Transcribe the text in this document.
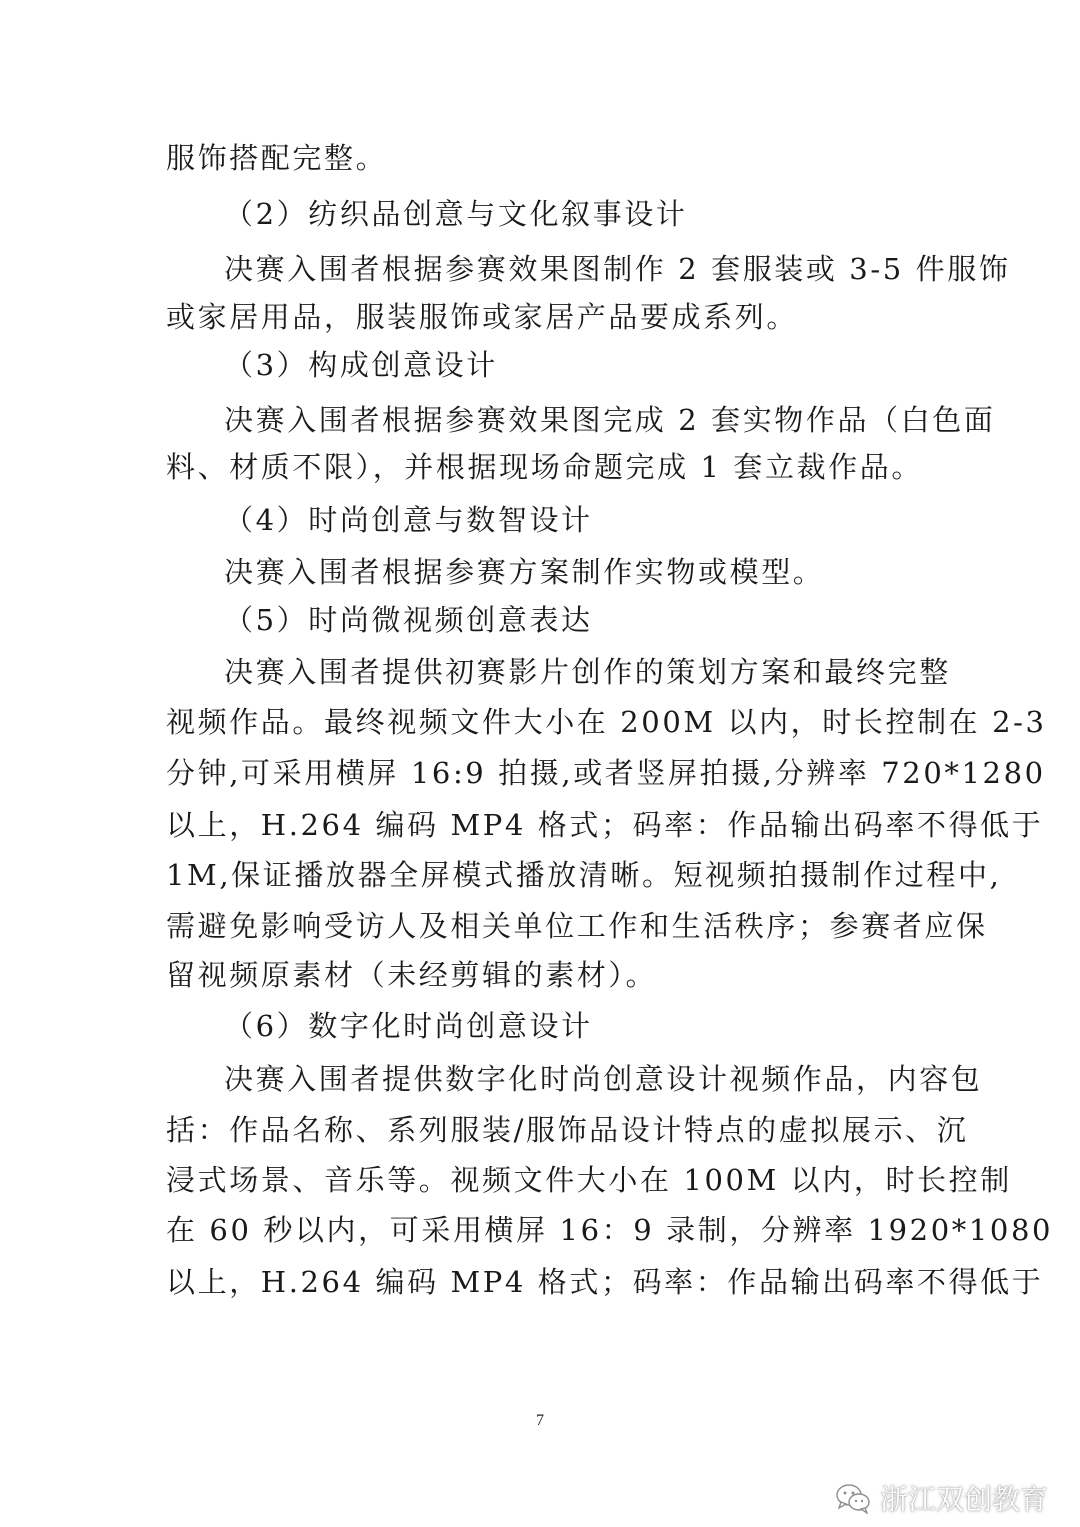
服饰搭配完整。
（2）纺织品创意与文化叙事设计
决赛入围者根据参赛效果图制作 2 套服装或 3-5 件服饰
或家居用品，服装服饰或家居产品要成系列。
（3）构成创意设计
决赛入围者根据参赛效果图完成 2 套实物作品（白色面
料、材质不限），并根据现场命题完成 1 套立裁作品。
（4）时尚创意与数智设计
决赛入围者根据参赛方案制作实物或模型。
（5）时尚微视频创意表达
决赛入围者提供初赛影片创作的策划方案和最终完整
视频作品。最终视频文件大小在 200M 以内，时长控制在 2-3
分钟,可采用横屏 16:9 拍摄,或者竖屏拍摄,分辨率 720*1280
以上，H.264 编码 MP4 格式；码率：作品输出码率不得低于
1M,保证播放器全屏模式播放清晰。短视频拍摄制作过程中,
需避免影响受访人及相关单位工作和生活秩序；参赛者应保
留视频原素材（未经剪辑的素材）。
（6）数字化时尚创意设计
决赛入围者提供数字化时尚创意设计视频作品，内容包
括：作品名称、系列服装/服饰品设计特点的虚拟展示、沉
浸式场景、音乐等。视频文件大小在 100M 以内，时长控制
在 60 秒以内，可采用横屏 16：9 录制，分辨率 1920*1080
以上，H.264 编码 MP4 格式；码率：作品输出码率不得低于
7
浙江双创教育
